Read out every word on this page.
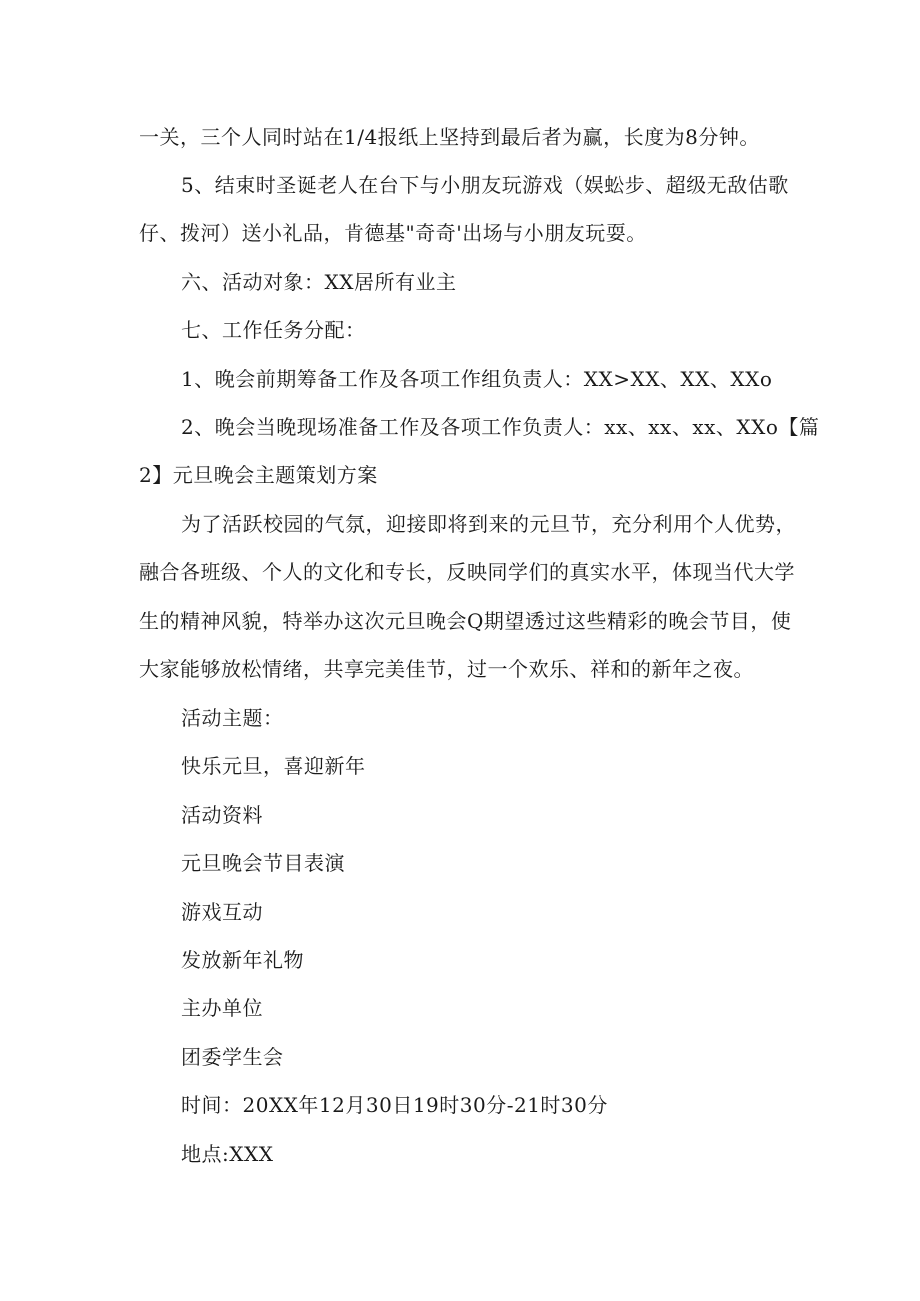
一关，三个人同时站在1/4报纸上坚持到最后者为赢，长度为8分钟。
5、结束时圣诞老人在台下与小朋友玩游戏（娱蚣步、超级无敌估歌
仔、拨河）送小礼品，肯德基"奇奇'出场与小朋友玩耍。
六、活动对象：XX居所有业主
七、工作任务分配：
1、晚会前期筹备工作及各项工作组负责人：XX>XX、XX、XXo
2、晚会当晚现场准备工作及各项工作负责人：xx、xx、xx、XXo【篇
2】元旦晚会主题策划方案
为了活跃校园的气氛，迎接即将到来的元旦节，充分利用个人优势，
融合各班级、个人的文化和专长，反映同学们的真实水平，体现当代大学
生的精神风貌，特举办这次元旦晚会Q期望透过这些精彩的晚会节目，使
大家能够放松情绪，共享完美佳节，过一个欢乐、祥和的新年之夜。
活动主题：
快乐元旦，喜迎新年
活动资料
元旦晚会节目表演
游戏互动
发放新年礼物
主办单位
团委学生会
时间：20XX年12月30日19时30分-21时30分
地点:XXX
